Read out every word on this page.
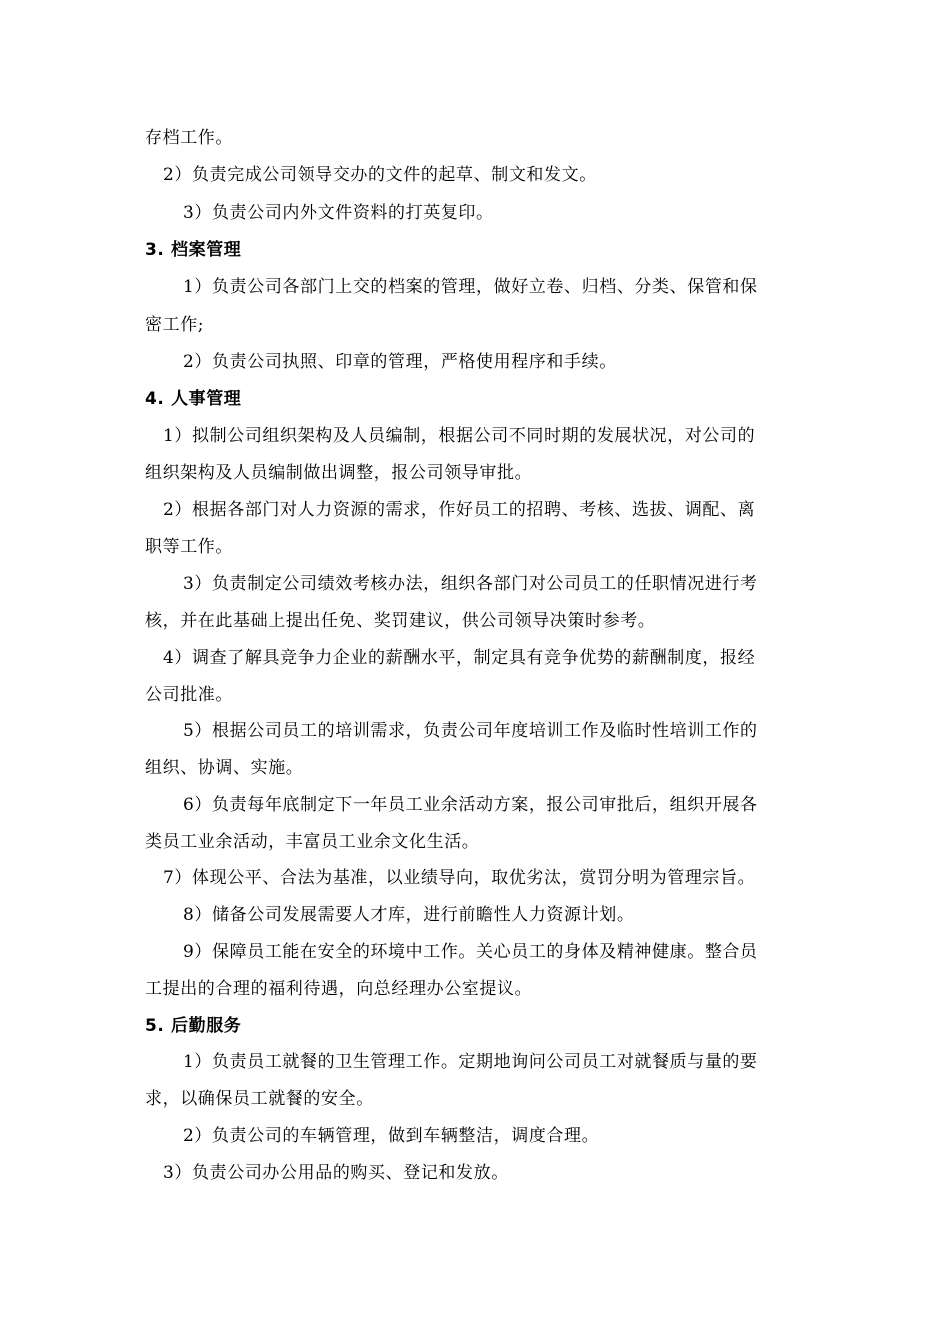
存档工作。
2）负责完成公司领导交办的文件的起草、制文和发文。
3）负责公司内外文件资料的打英复印。
3. 档案管理
1）负责公司各部门上交的档案的管理，做好立卷、归档、分类、保管和保
密工作;
2）负责公司执照、印章的管理，严格使用程序和手续。
4. 人事管理
1）拟制公司组织架构及人员编制，根据公司不同时期的发展状况，对公司的
组织架构及人员编制做出调整，报公司领导审批。
2）根据各部门对人力资源的需求，作好员工的招聘、考核、选拔、调配、离
职等工作。
3）负责制定公司绩效考核办法，组织各部门对公司员工的任职情况进行考
核，并在此基础上提出任免、奖罚建议，供公司领导决策时参考。
4）调查了解具竞争力企业的薪酬水平，制定具有竞争优势的薪酬制度，报经
公司批准。
5）根据公司员工的培训需求，负责公司年度培训工作及临时性培训工作的
组织、协调、实施。
6）负责每年底制定下一年员工业余活动方案，报公司审批后，组织开展各
类员工业余活动，丰富员工业余文化生活。
7）体现公平、合法为基准，以业绩导向，取优劣汰，赏罚分明为管理宗旨。
8）储备公司发展需要人才库，进行前瞻性人力资源计划。
9）保障员工能在安全的环境中工作。关心员工的身体及精神健康。整合员
工提出的合理的福利待遇，向总经理办公室提议。
5. 后勤服务
1）负责员工就餐的卫生管理工作。定期地询问公司员工对就餐质与量的要
求，以确保员工就餐的安全。
2）负责公司的车辆管理，做到车辆整洁，调度合理。
3）负责公司办公用品的购买、登记和发放。
